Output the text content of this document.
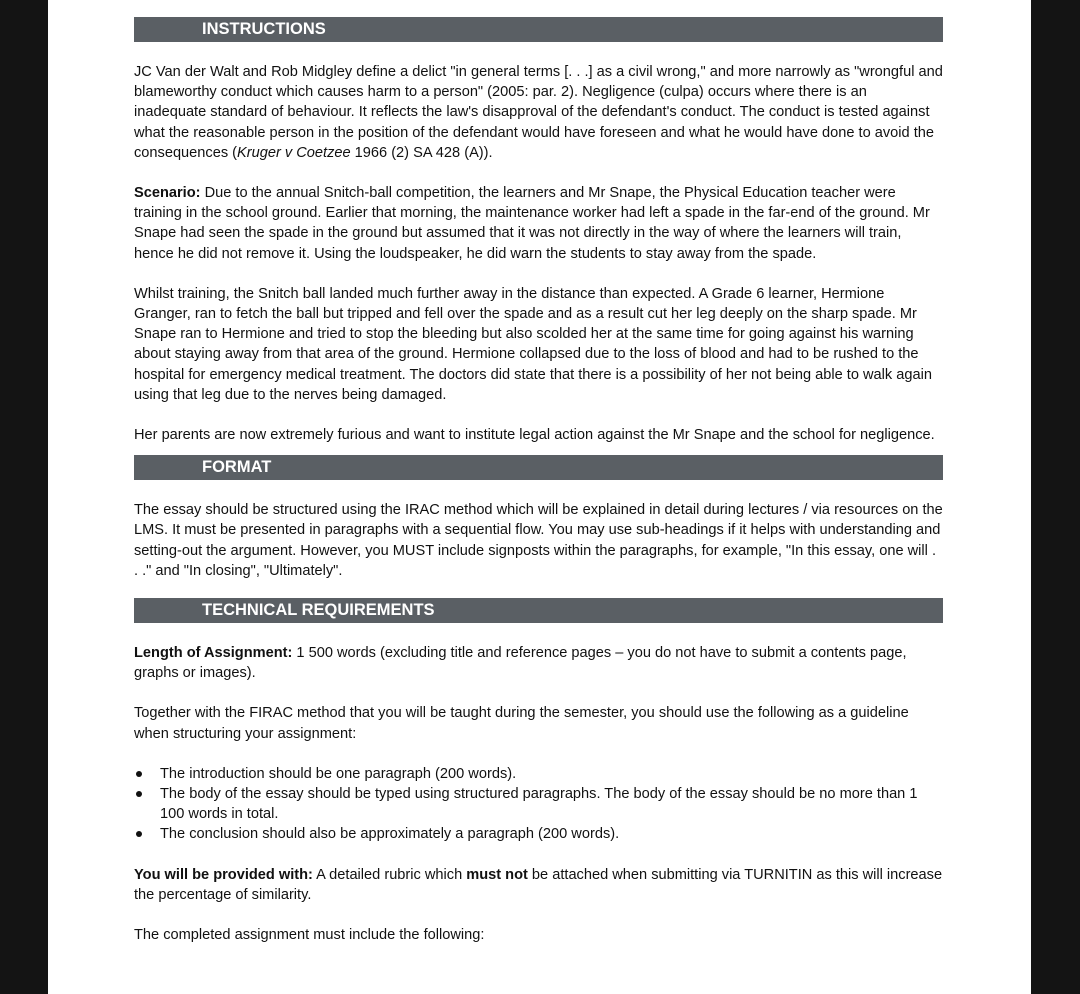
INSTRUCTIONS

JC Van der Walt and Rob Midgley define a delict "in general terms [. . .] as a civil wrong," and more narrowly as "wrongful and blameworthy conduct which causes harm to a person" (2005: par. 2). Negligence (culpa) occurs where there is an inadequate standard of behaviour. It reflects the law's disapproval of the defendant's conduct. The conduct is tested against what the reasonable person in the position of the defendant would have foreseen and what he would have done to avoid the consequences (Kruger v Coetzee 1966 (2) SA 428 (A)).

Scenario: Due to the annual Snitch-ball competition, the learners and Mr Snape, the Physical Education teacher were training in the school ground. Earlier that morning, the maintenance worker had left a spade in the far-end of the ground. Mr Snape had seen the spade in the ground but assumed that it was not directly in the way of where the learners will train, hence he did not remove it. Using the loudspeaker, he did warn the students to stay away from the spade.

Whilst training, the Snitch ball landed much further away in the distance than expected. A Grade 6 learner, Hermione Granger, ran to fetch the ball but tripped and fell over the spade and as a result cut her leg deeply on the sharp spade. Mr Snape ran to Hermione and tried to stop the bleeding but also scolded her at the same time for going against his warning about staying away from that area of the ground. Hermione collapsed due to the loss of blood and had to be rushed to the hospital for emergency medical treatment. The doctors did state that there is a possibility of her not being able to walk again using that leg due to the nerves being damaged.

Her parents are now extremely furious and want to institute legal action against the Mr Snape and the school for negligence.

FORMAT

The essay should be structured using the IRAC method which will be explained in detail during lectures / via resources on the LMS. It must be presented in paragraphs with a sequential flow. You may use sub-headings if it helps with understanding and setting-out the argument. However, you MUST include signposts within the paragraphs, for example, "In this essay, one will . . ." and "In closing", "Ultimately".

TECHNICAL REQUIREMENTS

Length of Assignment: 1 500 words (excluding title and reference pages – you do not have to submit a contents page, graphs or images).

Together with the FIRAC method that you will be taught during the semester, you should use the following as a guideline when structuring your assignment:

The introduction should be one paragraph (200 words).
The body of the essay should be typed using structured paragraphs. The body of the essay should be no more than 1 100 words in total.
The conclusion should also be approximately a paragraph (200 words).

You will be provided with: A detailed rubric which must not be attached when submitting via TURNITIN as this will increase the percentage of similarity.

The completed assignment must include the following:
